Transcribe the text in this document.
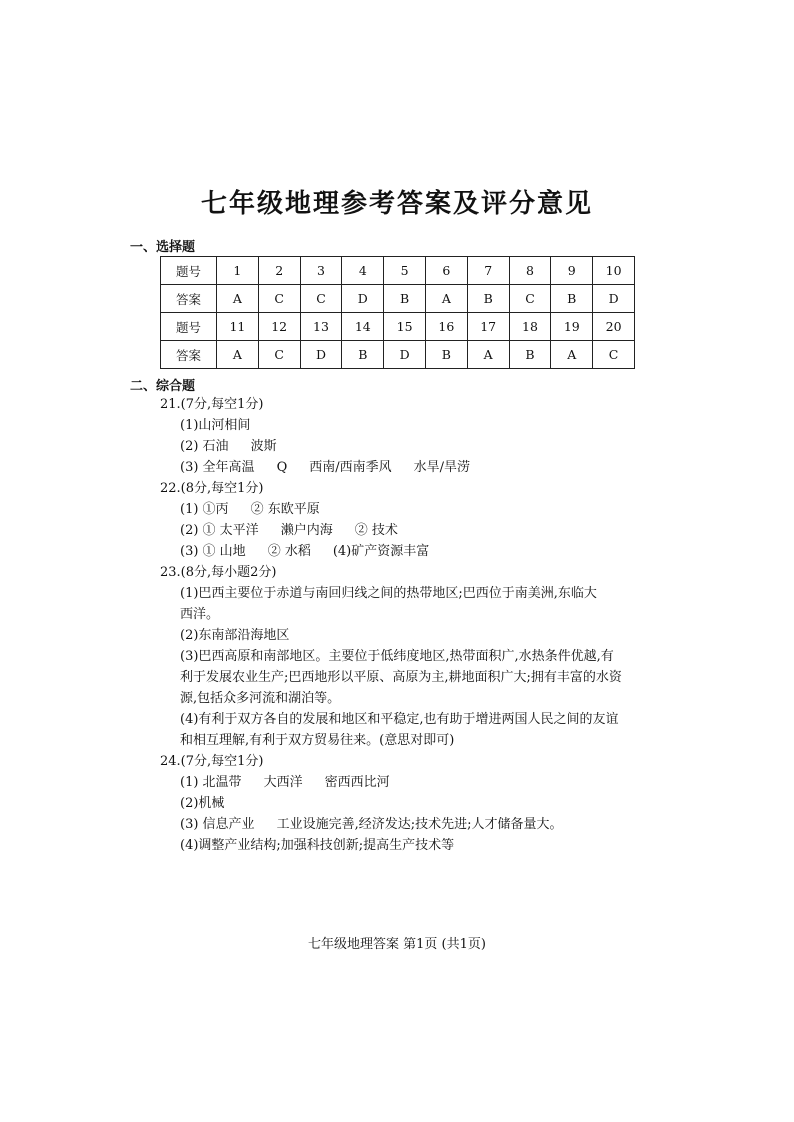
七年级地理参考答案及评分意见
一、选择题
题号	1	2	3	4	5	6	7	8	9	10
答案	A	C	C	D	B	A	B	C	B	D
题号	11	12	13	14	15	16	17	18	19	20
答案	A	C	D	B	D	B	A	B	A	C
二、综合题
21.(7分,每空1分)
(1)山河相间
(2) 石油 波斯
(3) 全年高温 Q 西南/西南季风 水旱/旱涝
22.(8分,每空1分)
(1) ①丙 ② 东欧平原
(2) ① 太平洋 濑户内海 ② 技术
(3) ① 山地 ② 水稻 (4)矿产资源丰富
23.(8分,每小题2分)
(1)巴西主要位于赤道与南回归线之间的热带地区;巴西位于南美洲,东临大
西洋。
(2)东南部沿海地区
(3)巴西高原和南部地区。主要位于低纬度地区,热带面积广,水热条件优越,有
利于发展农业生产;巴西地形以平原、高原为主,耕地面积广大;拥有丰富的水资
源,包括众多河流和湖泊等。
(4)有利于双方各自的发展和地区和平稳定,也有助于增进两国人民之间的友谊
和相互理解,有利于双方贸易往来。(意思对即可)
24.(7分,每空1分)
(1) 北温带 大西洋 密西西比河
(2)机械
(3) 信息产业 工业设施完善,经济发达;技术先进;人才储备量大。
(4)调整产业结构;加强科技创新;提高生产技术等
七年级地理答案 第1页 (共1页)
